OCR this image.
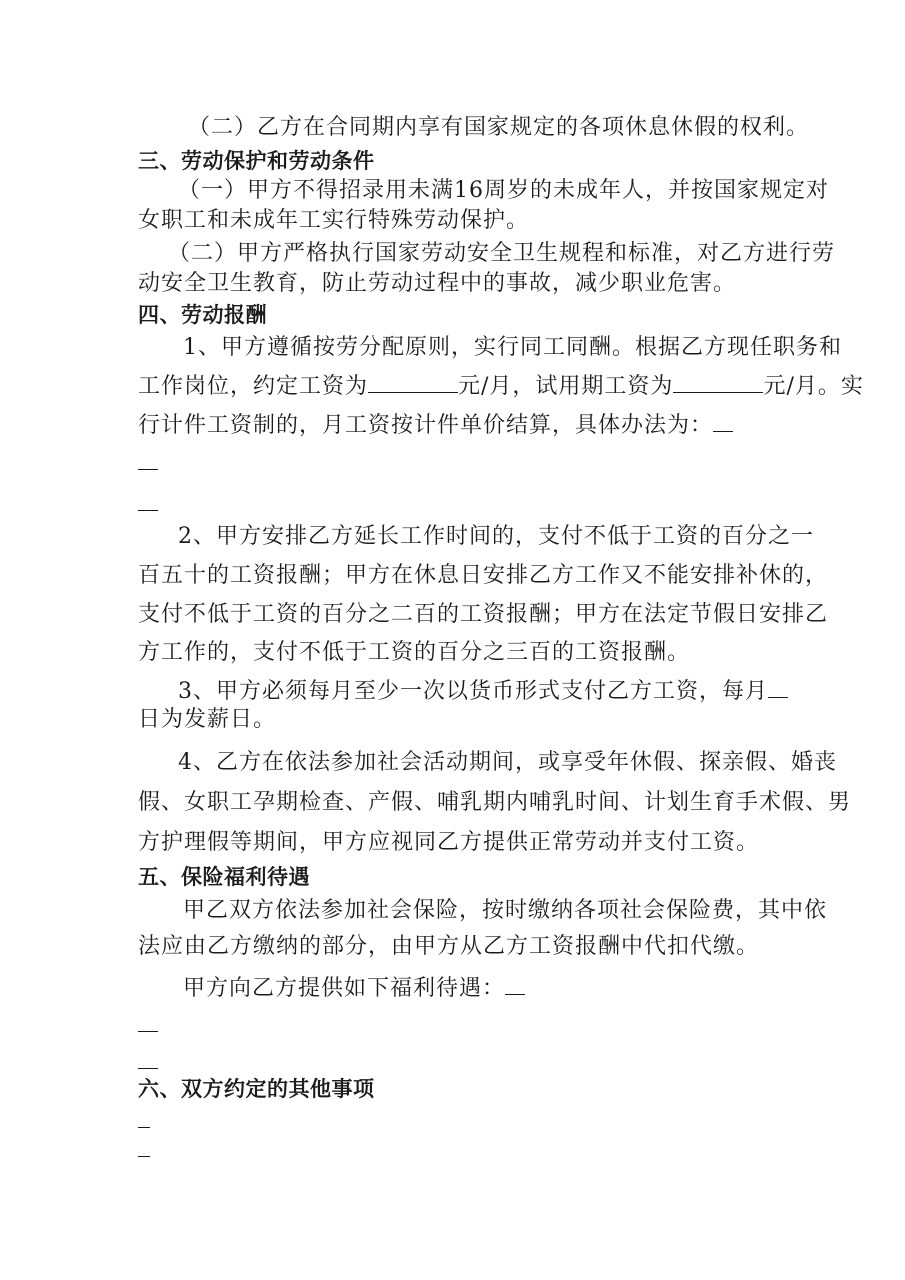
（二）乙方在合同期内享有国家规定的各项休息休假的权利。
三、劳动保护和劳动条件
（一）甲方不得招录用未满16周岁的未成年人，并按国家规定对
女职工和未成年工实行特殊劳动保护。
（二）甲方严格执行国家劳动安全卫生规程和标准，对乙方进行劳
动安全卫生教育，防止劳动过程中的事故，减少职业危害。
四、劳动报酬
1、甲方遵循按劳分配原则，实行同工同酬。根据乙方现任职务和
工作岗位，约定工资为	元/月，试用期工资为	元/月。实
行计件工资制的，月工资按计件单价结算，具体办法为：
2、甲方安排乙方延长工作时间的，支付不低于工资的百分之一
百五十的工资报酬；甲方在休息日安排乙方工作又不能安排补休的，
支付不低于工资的百分之二百的工资报酬；甲方在法定节假日安排乙
方工作的，支付不低于工资的百分之三百的工资报酬。
3、甲方必须每月至少一次以货币形式支付乙方工资，每月
日为发薪日。
4、乙方在依法参加社会活动期间，或享受年休假、探亲假、婚丧
假、女职工孕期检查、产假、哺乳期内哺乳时间、计划生育手术假、男
方护理假等期间，甲方应视同乙方提供正常劳动并支付工资。
五、保险福利待遇
甲乙双方依法参加社会保险，按时缴纳各项社会保险费，其中依
法应由乙方缴纳的部分，由甲方从乙方工资报酬中代扣代缴。
甲方向乙方提供如下福利待遇：
六、双方约定的其他事项
